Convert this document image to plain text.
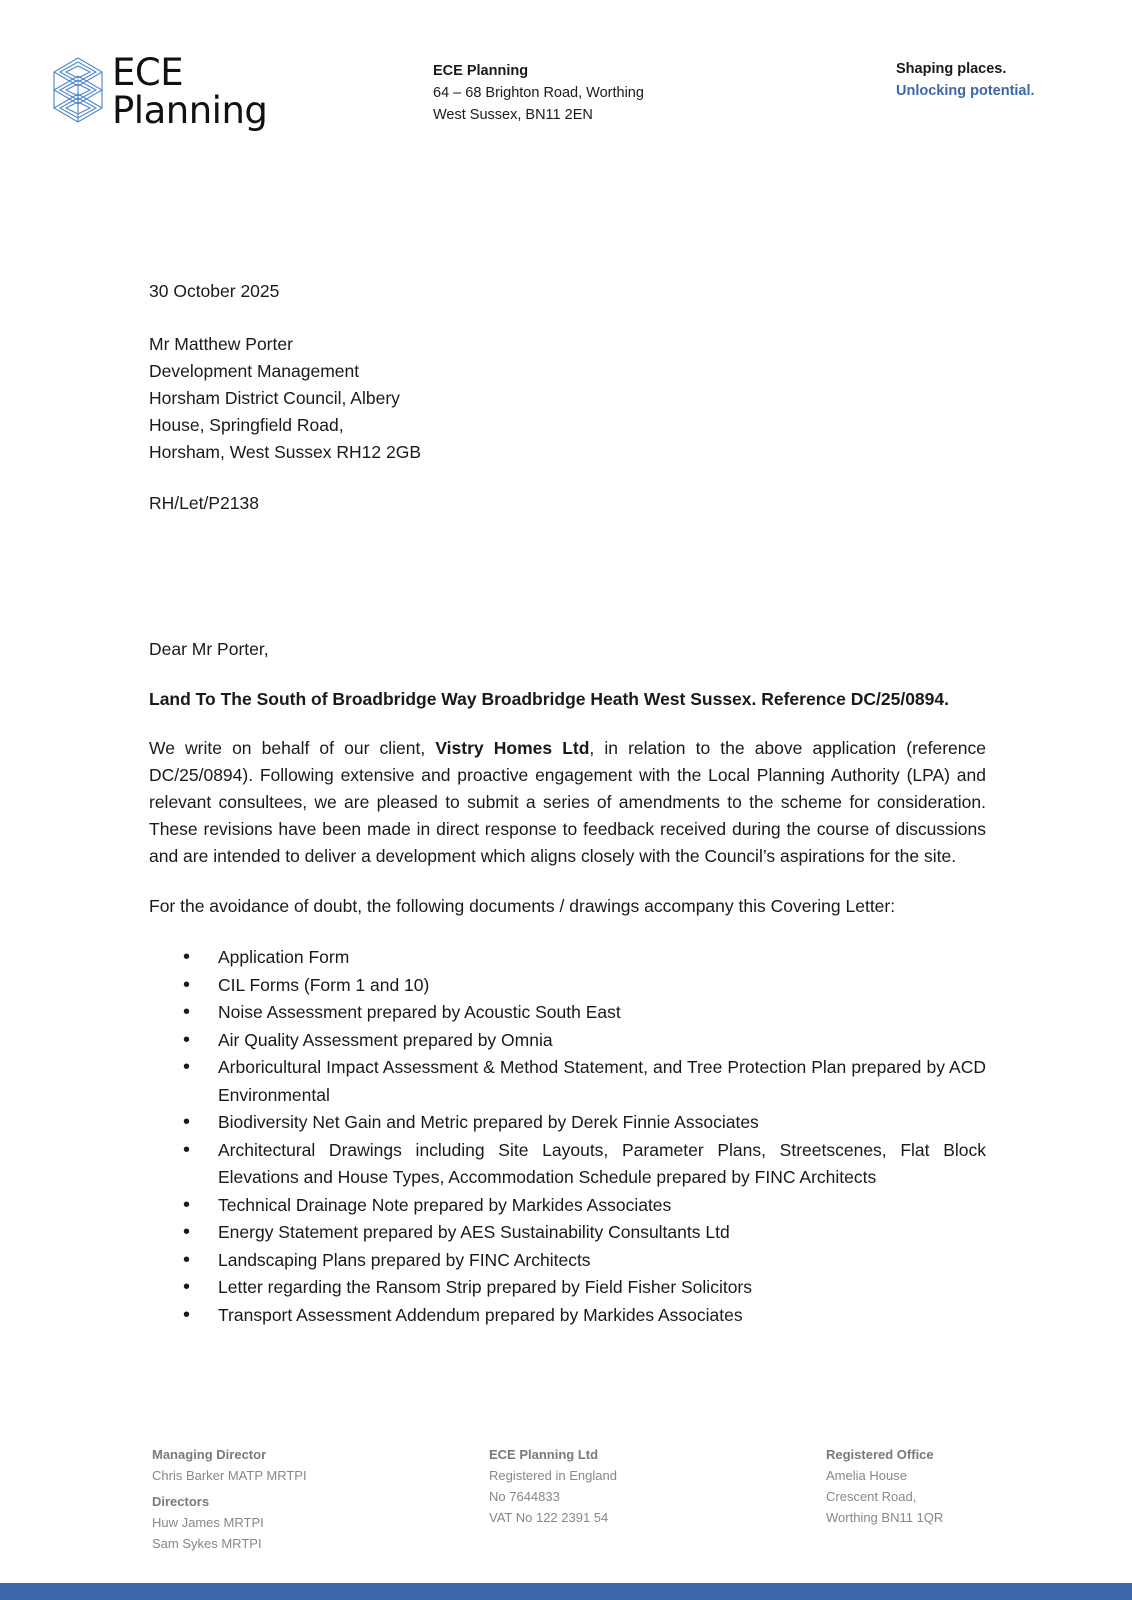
ECE
Planning
ECE Planning
64 – 68 Brighton Road, Worthing
West Sussex, BN11 2EN
Shaping places.
Unlocking potential.
30 October 2025
Mr Matthew Porter
Development Management
Horsham District Council, Albery
House, Springfield Road,
Horsham, West Sussex RH12 2GB
RH/Let/P2138
Dear Mr Porter,
Land To The South of Broadbridge Way Broadbridge Heath West Sussex. Reference DC/25/0894.
We write on behalf of our client, Vistry Homes Ltd, in relation to the above application (reference DC/25/0894). Following extensive and proactive engagement with the Local Planning Authority (LPA) and relevant consultees, we are pleased to submit a series of amendments to the scheme for consideration. These revisions have been made in direct response to feedback received during the course of discussions and are intended to deliver a development which aligns closely with the Council’s aspirations for the site.
For the avoidance of doubt, the following documents / drawings accompany this Covering Letter:
• Application Form
• CIL Forms (Form 1 and 10)
• Noise Assessment prepared by Acoustic South East
• Air Quality Assessment prepared by Omnia
• Arboricultural Impact Assessment & Method Statement, and Tree Protection Plan prepared by ACD Environmental
• Biodiversity Net Gain and Metric prepared by Derek Finnie Associates
• Architectural Drawings including Site Layouts, Parameter Plans, Streetscenes, Flat Block Elevations and House Types, Accommodation Schedule prepared by FINC Architects
• Technical Drainage Note prepared by Markides Associates
• Energy Statement prepared by AES Sustainability Consultants Ltd
• Landscaping Plans prepared by FINC Architects
• Letter regarding the Ransom Strip prepared by Field Fisher Solicitors
• Transport Assessment Addendum prepared by Markides Associates
Managing Director
Chris Barker MATP MRTPI
Directors
Huw James MRTPI
Sam Sykes MRTPI
ECE Planning Ltd
Registered in England
No 7644833
VAT No 122 2391 54
Registered Office
Amelia House
Crescent Road,
Worthing BN11 1QR
